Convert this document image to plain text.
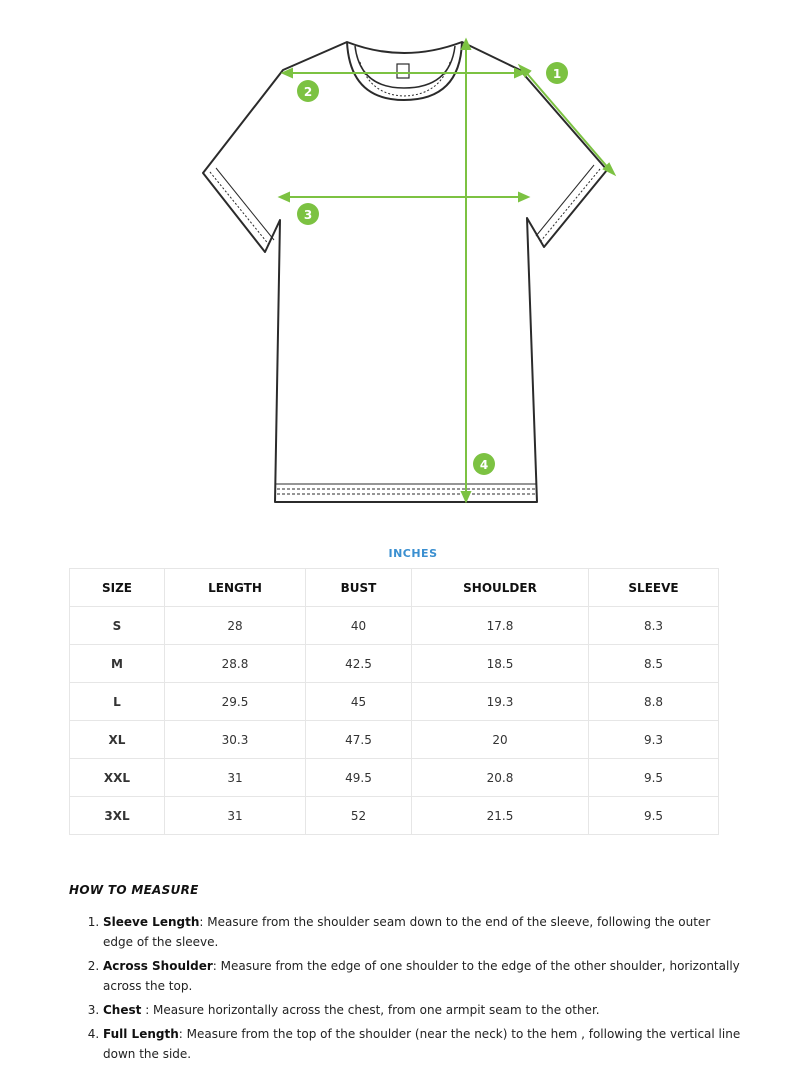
1
2
3
4
INCHES
SIZE	LENGTH	BUST	SHOULDER	SLEEVE
S	28	40	17.8	8.3
M	28.8	42.5	18.5	8.5
L	29.5	45	19.3	8.8
XL	30.3	47.5	20	9.3
XXL	31	49.5	20.8	9.5
3XL	31	52	21.5	9.5
HOW TO MEASURE
1. Sleeve Length: Measure from the shoulder seam down to the end of the sleeve, following the outer edge of the sleeve.
2. Across Shoulder: Measure from the edge of one shoulder to the edge of the other shoulder, horizontally across the top.
3. Chest : Measure horizontally across the chest, from one armpit seam to the other.
4. Full Length: Measure from the top of the shoulder (near the neck) to the hem , following the vertical line down the side.
